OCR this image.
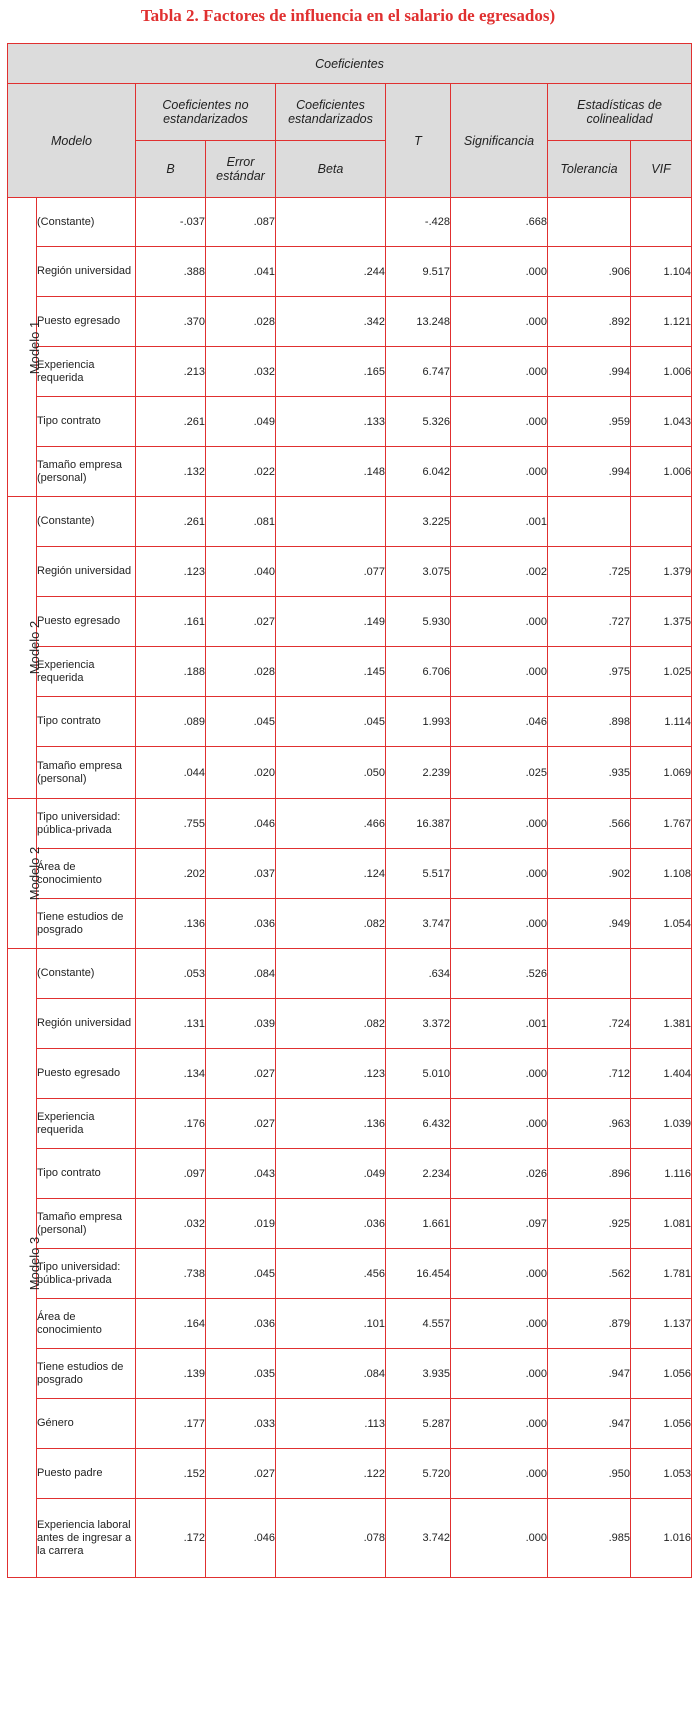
Tabla 2. Factores de influencia en el salario de egresados)
Coeficientes								
Modelo		Coeficientes no estandarizados		Coeficientes estandarizados	T	Significancia	Estadísticas de colinealidad	
		B	Error estándar	Beta			Tolerancia	VIF
Modelo 1	(Constante)	-.037	.087		-.428	.668		
	Región universidad	.388	.041	.244	9.517	.000	.906	1.104
	Puesto egresado	.370	.028	.342	13.248	.000	.892	1.121
	Experiencia requerida	.213	.032	.165	6.747	.000	.994	1.006
	Tipo contrato	.261	.049	.133	5.326	.000	.959	1.043
	Tamaño empresa (personal)	.132	.022	.148	6.042	.000	.994	1.006
Modelo 2	(Constante)	.261	.081		3.225	.001		
	Región universidad	.123	.040	.077	3.075	.002	.725	1.379
	Puesto egresado	.161	.027	.149	5.930	.000	.727	1.375
	Experiencia requerida	.188	.028	.145	6.706	.000	.975	1.025
	Tipo contrato	.089	.045	.045	1.993	.046	.898	1.114
	Tamaño empresa (personal)	.044	.020	.050	2.239	.025	.935	1.069
Modelo 2	Tipo universidad: pública-privada	.755	.046	.466	16.387	.000	.566	1.767
	Área de conocimiento	.202	.037	.124	5.517	.000	.902	1.108
	Tiene estudios de posgrado	.136	.036	.082	3.747	.000	.949	1.054
Modelo 3	(Constante)	.053	.084		.634	.526		
	Región universidad	.131	.039	.082	3.372	.001	.724	1.381
	Puesto egresado	.134	.027	.123	5.010	.000	.712	1.404
	Experiencia requerida	.176	.027	.136	6.432	.000	.963	1.039
	Tipo contrato	.097	.043	.049	2.234	.026	.896	1.116
	Tamaño empresa (personal)	.032	.019	.036	1.661	.097	.925	1.081
	Tipo universidad: pública-privada	.738	.045	.456	16.454	.000	.562	1.781
	Área de conocimiento	.164	.036	.101	4.557	.000	.879	1.137
	Tiene estudios de posgrado	.139	.035	.084	3.935	.000	.947	1.056
	Género	.177	.033	.113	5.287	.000	.947	1.056
	Puesto padre	.152	.027	.122	5.720	.000	.950	1.053
	Experiencia laboral antes de ingresar a la carrera	.172	.046	.078	3.742	.000	.985	1.016
